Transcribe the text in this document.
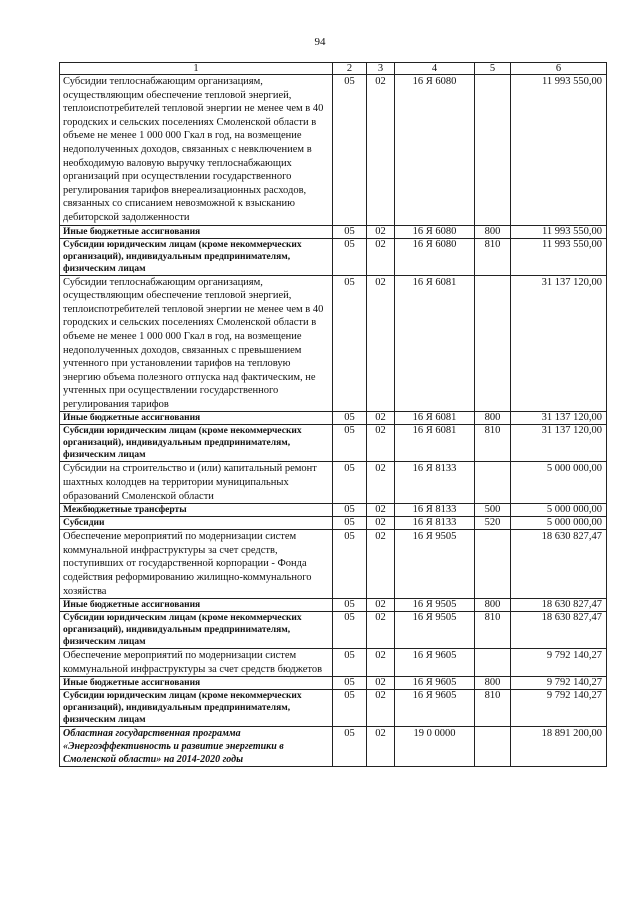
94
1	2	3	4	5	6
Субсидии теплоснабжающим организациям, осуществляющим обеспечение тепловой энергией, теплоиспотребителей тепловой энергии не менее чем в 40 городских и сельских поселениях Смоленской области в объеме не менее 1 000 000 Гкал в год, на возмещение недополученных доходов, связанных с невключением в необходимую валовую выручку теплоснабжающих организаций при осуществлении государственного регулирования тарифов внереализационных расходов, связанных со списанием невозможной к взысканию дебиторской задолженности	05	02	16 Я 6080		11 993 550,00
Иные бюджетные ассигнования	05	02	16 Я 6080	800	11 993 550,00
Субсидии юридическим лицам (кроме некоммерческих организаций), индивидуальным предпринимателям, физическим лицам	05	02	16 Я 6080	810	11 993 550,00
Субсидии теплоснабжающим организациям, осуществляющим обеспечение тепловой энергией, теплоиспотребителей тепловой энергии не менее чем в 40 городских и сельских поселениях Смоленской области в объеме не менее 1 000 000 Гкал в год, на возмещение недополученных доходов, связанных с превышением учтенного при установлении тарифов на тепловую энергию объема полезного отпуска над фактическим, не учтенных при осуществлении государственного регулирования тарифов	05	02	16 Я 6081		31 137 120,00
Иные бюджетные ассигнования	05	02	16 Я 6081	800	31 137 120,00
Субсидии юридическим лицам (кроме некоммерческих организаций), индивидуальным предпринимателям, физическим лицам	05	02	16 Я 6081	810	31 137 120,00
Субсидии на строительство и (или) капитальный ремонт шахтных колодцев на территории муниципальных образований Смоленской области	05	02	16 Я 8133		5 000 000,00
Межбюджетные трансферты	05	02	16 Я 8133	500	5 000 000,00
Субсидии	05	02	16 Я 8133	520	5 000 000,00
Обеспечение мероприятий по модернизации систем коммунальной инфраструктуры за счет средств, поступивших от государственной корпорации - Фонда содействия реформированию жилищно-коммунального хозяйства	05	02	16 Я 9505		18 630 827,47
Иные бюджетные ассигнования	05	02	16 Я 9505	800	18 630 827,47
Субсидии юридическим лицам (кроме некоммерческих организаций), индивидуальным предпринимателям, физическим лицам	05	02	16 Я 9505	810	18 630 827,47
Обеспечение мероприятий по модернизации систем коммунальной инфраструктуры за счет средств бюджетов	05	02	16 Я 9605		9 792 140,27
Иные бюджетные ассигнования	05	02	16 Я 9605	800	9 792 140,27
Субсидии юридическим лицам (кроме некоммерческих организаций), индивидуальным предпринимателям, физическим лицам	05	02	16 Я 9605	810	9 792 140,27
Областная государственная программа «Энергоэффективность и развитие энергетики в Смоленской области» на 2014-2020 годы	05	02	19 0 0000		18 891 200,00
